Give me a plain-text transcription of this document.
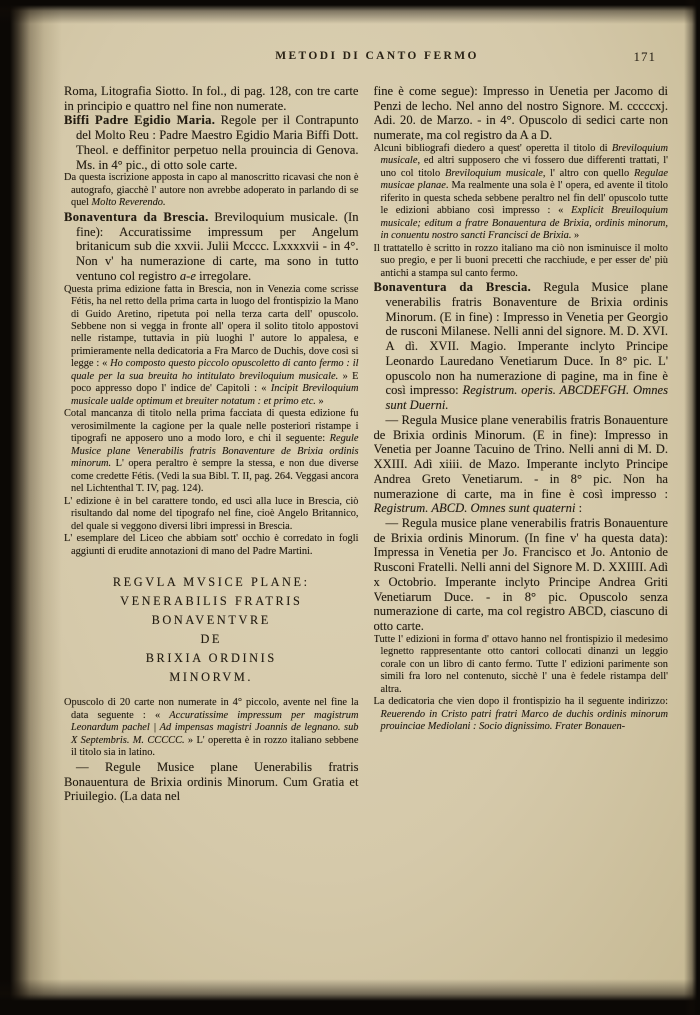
METODI DI CANTO FERMO	171

Roma, Litografia Siotto. In fol., di pag. 128, con tre carte in principio e quattro nel fine non numerate.

Biffi Padre Egidio Maria. Regole per il Contrapunto del Molto Reu : Padre Maestro Egidio Maria Biffi Dott. Theol. e deffinitor perpetuo nella prouincia di Genova. Ms. in 4° pic., di otto sole carte.

Da questa iscrizione apposta in capo al manoscritto ricavasi che non è autografo, giacchè l' autore non avrebbe adoperato in parlando di se quel Molto Reverendo.

Bonaventura da Brescia. Breviloquium musicale. (In fine): Accuratissime impressum per Angelum britanicum sub die xxvii. Julii Mcccc. Lxxxxvii - in 4°. Non v' ha numerazione di carte, ma sono in tutto ventuno col registro a-e irregolare.

Questa prima edizione fatta in Brescia, non in Venezia come scrisse Fétis, ha nel retto della prima carta in luogo del frontispizio la Mano di Guido Aretino, ripetuta poi nella terza carta dell' opuscolo. Sebbene non si vegga in fronte all' opera il solito titolo appostovi nelle ristampe, tuttavia in più luoghi l' autore lo appalesa, e primieramente nella dedicatoria a Fra Marco de Duchis, dove così si legge : « Ho composto questo piccolo opuscoletto di canto fermo : il quale per la sua breuita ho intitulato breviloquium musicale. » E poco appresso dopo l' indice de' Capitoli : « Incipit Breviloquium musicale ualde optimum et breuiter notatum : et primo etc. »

Cotal mancanza di titolo nella prima facciata di questa edizione fu verosimilmente la cagione per la quale nelle posteriori ristampe i tipografi ne apposero uno a modo loro, e chi il seguente: Regule Musice plane Venerabilis fratris Bonaventure de Brixia ordinis minorum. L' opera peraltro è sempre la stessa, e non due diverse come credette Fétis. (Vedi la sua Bibl. T. II, pag. 264. Veggasi ancora nel Lichtenthal T. IV, pag. 124).

L' edizione è in bel carattere tondo, ed uscì alla luce in Brescia, ciò risultando dal nome del tipografo nel fine, cioè Angelo Britannico, del quale si veggono diversi libri impressi in Brescia.

L' esemplare del Liceo che abbiam sott' occhio è corredato in fogli aggiunti di erudite annotazioni di mano del Padre Martini.

REGVLA MVSICE PLANE:
VENERABILIS FRATRIS
BONAVENTVRE
DE
BRIXIA ORDINIS
MINORVM.

Opuscolo di 20 carte non numerate in 4° piccolo, avente nel fine la data seguente : « Accuratissime impressum per magistrum Leonardum pachel | Ad impensas magistri Joannis de legnano. sub X Septembris. M. CCCCC. » L' operetta è in rozzo italiano sebbene il titolo sia in latino.

— Regule Musice plane Uenerabilis fratris Bonauentura de Brixia ordinis Minorum. Cum Gratia et Priuilegio. (La data nel

fine è come segue): Impresso in Uenetia per Jacomo di Penzi de lecho. Nel anno del nostro Signore. M. cccccxj. Adi. 20. de Marzo. - in 4°. Opuscolo di sedici carte non numerate, ma col registro da A a D.

Alcuni bibliografi diedero a quest' operetta il titolo di Breviloquium musicale, ed altri supposero che vi fossero due differenti trattati, l' uno col titolo Breviloquium musicale, l' altro con quello Regulae musicae planae. Ma realmente una sola è l' opera, ed avente il titolo riferito in questa scheda sebbene peraltro nel fin dell' opuscolo tutte le edizioni abbiano così impresso : « Explicit Breuiloquium musicale; editum a fratre Bonauentura de Brixia, ordinis minorum, in conuentu nostro sancti Francisci de Brixia. »

Il trattatello è scritto in rozzo italiano ma ciò non isminuisce il molto suo pregio, e per li buoni precetti che racchiude, e per esser de' più antichi a stampa sul canto fermo.

Bonaventura da Brescia. Regula Musice plane venerabilis fratris Bonaventure de Brixia ordinis Minorum. (E in fine) : Impresso in Venetia per Georgio de rusconi Milanese. Nelli anni del signore. M. D. XVI. A dì. XVII. Magio. Imperante inclyto Principe Leonardo Lauredano Venetiarum Duce. In 8° pic. L' opuscolo non ha numerazione di pagine, ma in fine è così impresso: Registrum. operis. ABCDEFGH. Omnes sunt Duerni.

— Regula Musice plane venerabilis fratris Bonauenture de Brixia ordinis Minorum. (E in fine): Impresso in Venetia per Joanne Tacuino de Trino. Nelli anni di M. D. XXIII. Adì xiiii. de Mazo. Imperante inclyto Principe Andrea Greto Venetiarum. - in 8° pic. Non ha numerazione di carte, ma in fine è così impresso : Registrum. ABCD. Omnes sunt quaterni :

— Regula musice plane venerabilis fratris Bonauenture de Brixia ordinis Minorum. (In fine v' ha questa data): Impressa in Venetia per Jo. Francisco et Jo. Antonio de Rusconi Fratelli. Nelli anni del Signore M. D. XXIIII. Adì x Octobrio. Imperante inclyto Principe Andrea Griti Venetiarum Duce. - in 8° pic. Opuscolo senza numerazione di carte, ma col registro ABCD, ciascuno di otto carte.

Tutte l' edizioni in forma d' ottavo hanno nel frontispizio il medesimo legnetto rappresentante otto cantori collocati dinanzi un leggio corale con un libro di canto fermo. Tutte l' edizioni parimente son simili fra loro nel contenuto, sicchè l' una è fedele ristampa dell' altra.

La dedicatoria che vien dopo il frontispizio ha il seguente indirizzo: Reuerendo in Cristo patri fratri Marco de duchis ordinis minorum prouinciae Mediolani : Socio dignissimo. Frater Bonauen-
